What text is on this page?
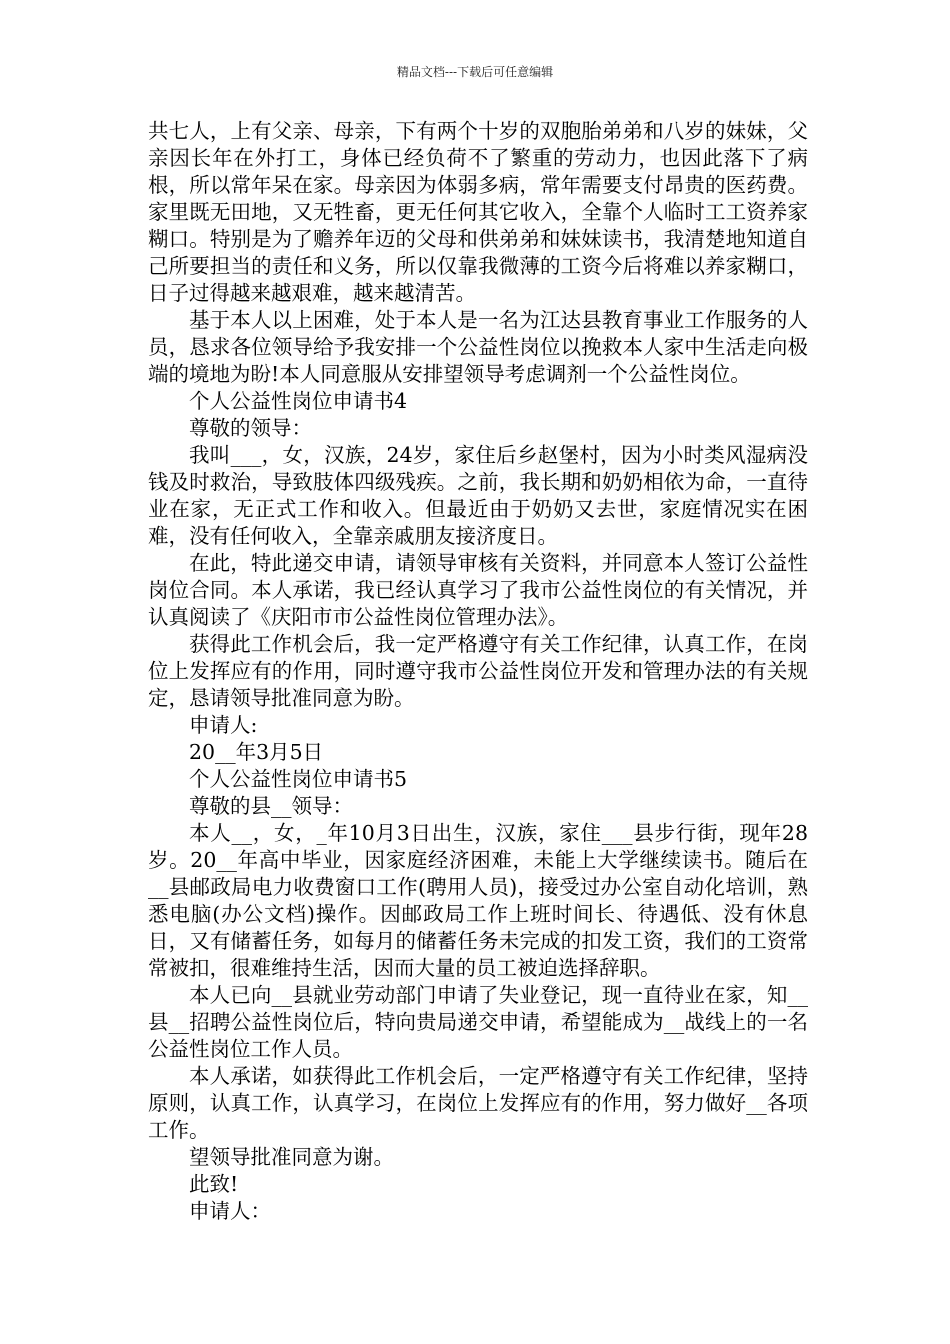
精品文档---下载后可任意编辑

共七人，上有父亲、母亲，下有两个十岁的双胞胎弟弟和八岁的妹妹，父亲因长年在外打工，身体已经负荷不了繁重的劳动力，也因此落下了病根，所以常年呆在家。母亲因为体弱多病，常年需要支付昂贵的医药费。家里既无田地，又无牲畜，更无任何其它收入，全靠个人临时工工资养家糊口。特别是为了赡养年迈的父母和供弟弟和妹妹读书，我清楚地知道自己所要担当的责任和义务，所以仅靠我微薄的工资今后将难以养家糊口，日子过得越来越艰难，越来越清苦。

基于本人以上困难，处于本人是一名为江达县教育事业工作服务的人员，恳求各位领导给予我安排一个公益性岗位以挽救本人家中生活走向极端的境地为盼!本人同意服从安排望领导考虑调剂一个公益性岗位。

个人公益性岗位申请书4

尊敬的领导：

我叫___，女，汉族，24岁，家住后乡赵堡村，因为小时类风湿病没钱及时救治，导致肢体四级残疾。之前，我长期和奶奶相依为命，一直待业在家，无正式工作和收入。但最近由于奶奶又去世，家庭情况实在困难，没有任何收入，全靠亲戚朋友接济度日。

在此，特此递交申请，请领导审核有关资料，并同意本人签订公益性岗位合同。本人承诺，我已经认真学习了我市公益性岗位的有关情况，并认真阅读了《庆阳市市公益性岗位管理办法》。

获得此工作机会后，我一定严格遵守有关工作纪律，认真工作，在岗位上发挥应有的作用，同时遵守我市公益性岗位开发和管理办法的有关规定，恳请领导批准同意为盼。

申请人:

20__年3月5日

个人公益性岗位申请书5

尊敬的县__领导：

本人__，女，_年10月3日出生，汉族，家住___县步行街，现年28岁。20__年高中毕业，因家庭经济困难，未能上大学继续读书。随后在__县邮政局电力收费窗口工作(聘用人员)，接受过办公室自动化培训，熟悉电脑(办公文档)操作。因邮政局工作上班时间长、待遇低、没有休息日，又有储蓄任务，如每月的储蓄任务未完成的扣发工资，我们的工资常常被扣，很难维持生活，因而大量的员工被迫选择辞职。

本人已向__县就业劳动部门申请了失业登记，现一直待业在家，知__县__招聘公益性岗位后，特向贵局递交申请，希望能成为__战线上的一名公益性岗位工作人员。

本人承诺，如获得此工作机会后，一定严格遵守有关工作纪律，坚持原则，认真工作，认真学习，在岗位上发挥应有的作用，努力做好__各项工作。

望领导批准同意为谢。

此致!

申请人：
